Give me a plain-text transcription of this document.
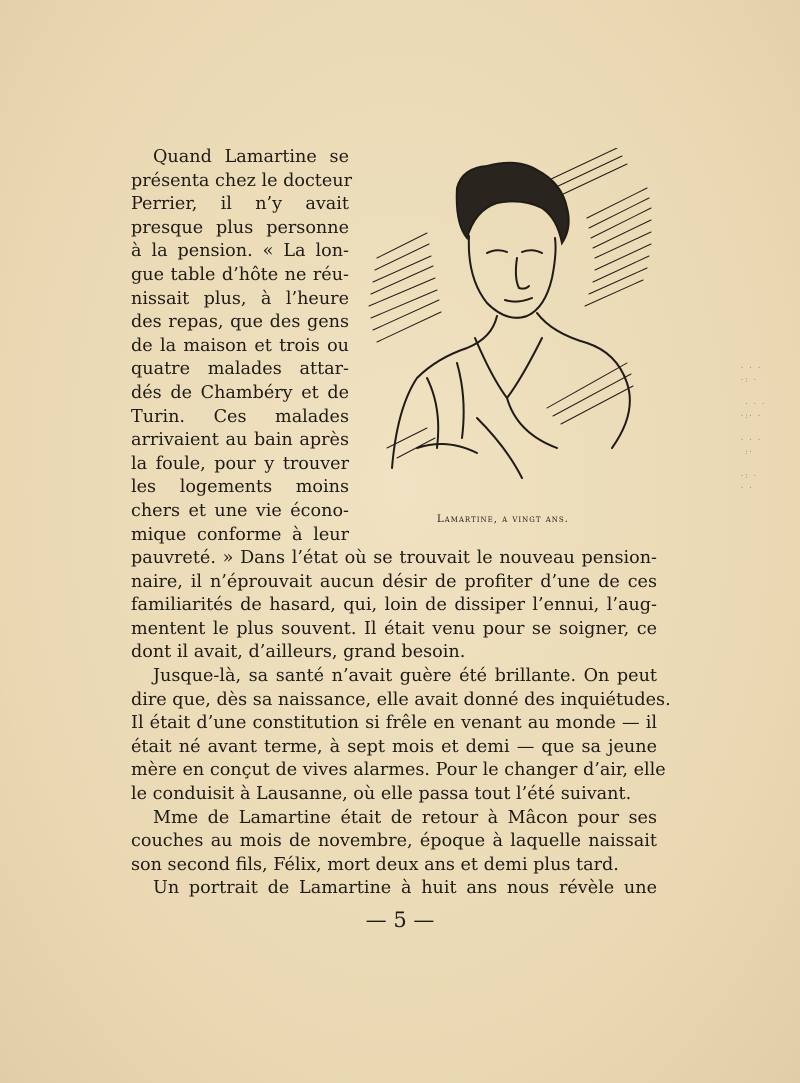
Quand Lamartine se
présenta chez le docteur
Perrier, il n’y avait
presque plus personne
à la pension. « La lon-
gue table d’hôte ne réu-
nissait plus, à l’heure
des repas, que des gens
de la maison et trois ou
quatre malades attar-
dés de Chambéry et de
Turin. Ces malades
arrivaient au bain après
la foule, pour y trouver
les logements moins
chers et une vie écono-
mique conforme à leur
pauvreté. » Dans l’état où se trouvait le nouveau pension-
naire, il n’éprouvait aucun désir de profiter d’une de ces
familiarités de hasard, qui, loin de dissiper l’ennui, l’aug-
mentent le plus souvent. Il était venu pour se soigner, ce
dont il avait, d’ailleurs, grand besoin.
Jusque-là, sa santé n’avait guère été brillante. On peut
dire que, dès sa naissance, elle avait donné des inquiétudes.
Il était d’une constitution si frêle en venant au monde — il
était né avant terme, à sept mois et demi — que sa jeune
mère en conçut de vives alarmes. Pour le changer d’air, elle
le conduisit à Lausanne, où elle passa tout l’été suivant.
Mme de Lamartine était de retour à Mâcon pour ses
couches au mois de novembre, époque à laquelle naissait
son second fils, Félix, mort deux ans et demi plus tard.
Un portrait de Lamartine à huit ans nous révèle une
Lamartine, a vingt ans.
— 5 —
· · ·
·: ·

· · ·
·:· ·

· · ·
:·

·: ·
· ·
